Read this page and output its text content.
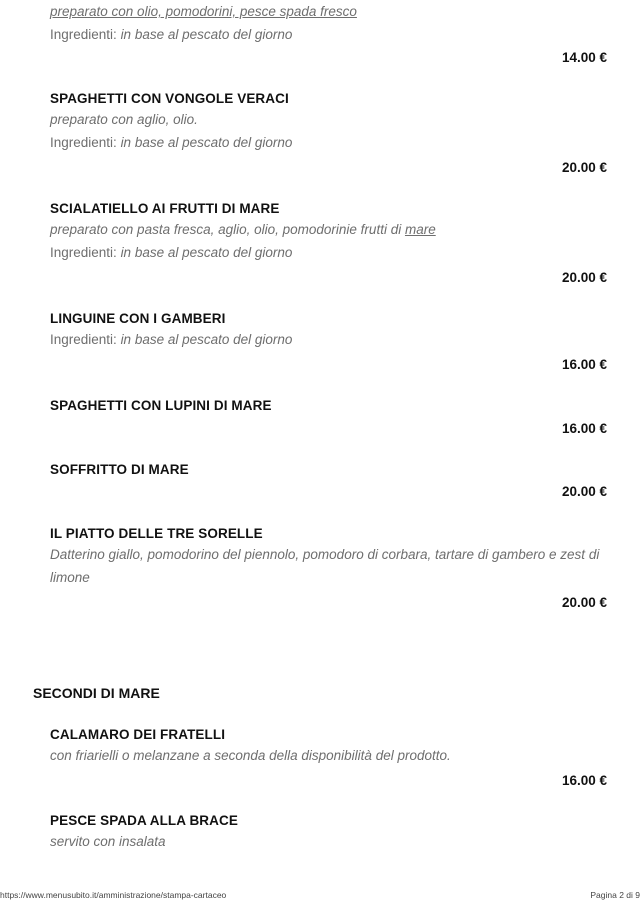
preparato con olio, pomodorini, pesce spada fresco
Ingredienti: in base al pescato del giorno
14.00 €
SPAGHETTI CON VONGOLE VERACI
preparato con aglio, olio.
Ingredienti: in base al pescato del giorno
20.00 €
SCIALATIELLO AI FRUTTI DI MARE
preparato con pasta fresca, aglio, olio, pomodorinie frutti di mare
Ingredienti: in base al pescato del giorno
20.00 €
LINGUINE CON I GAMBERI
Ingredienti: in base al pescato del giorno
16.00 €
SPAGHETTI CON LUPINI DI MARE
16.00 €
SOFFRITTO DI MARE
20.00 €
IL PIATTO DELLE TRE SORELLE
Datterino giallo, pomodorino del piennolo, pomodoro di corbara, tartare di gambero e zest di limone
20.00 €
SECONDI DI MARE
CALAMARO DEI FRATELLI
con friarielli o melanzane a seconda della disponibilità del prodotto.
16.00 €
PESCE SPADA ALLA BRACE
servito con insalata
https://www.menusubito.it/amministrazione/stampa-cartaceo	Pagina 2 di 9
